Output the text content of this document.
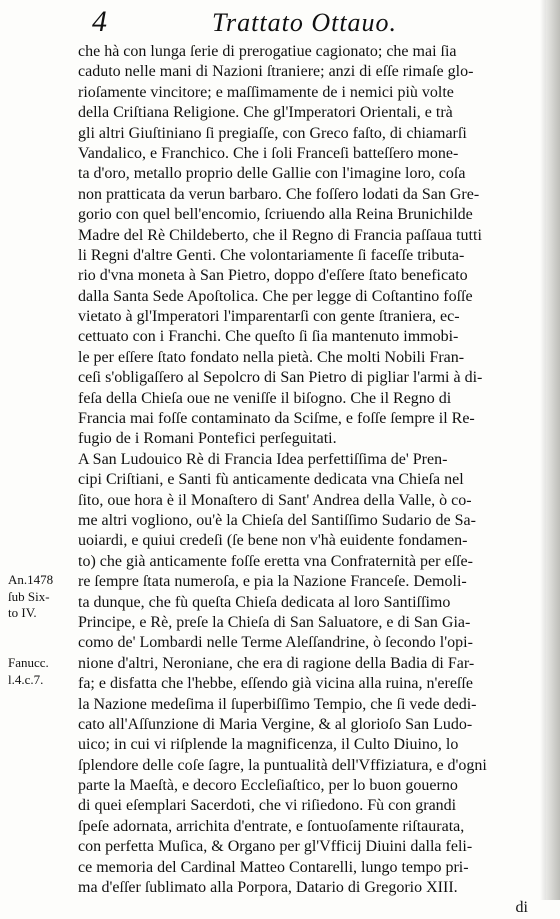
4	Trattato Ottauo.
che hà con lunga ſerie di prerogatiue cagionato; che mai ſia
caduto nelle mani di Nazioni ſtraniere; anzi di eſſe rimaſe glo-
rioſamente vincitore; e maſſimamente de i nemici più volte
della Criſtiana Religione. Che gl'Imperatori Orientali, e trà
gli altri Giuſtiniano ſi pregiaſſe, con Greco faſto, di chiamarſi
Vandalico, e Franchico. Che i ſoli Franceſi batteſſero mone-
ta d'oro, metallo proprio delle Gallie con l'imagine loro, coſa
non pratticata da verun barbaro. Che foſſero lodati da San Gre-
gorio con quel bell'encomio, ſcriuendo alla Reina Brunichilde
Madre del Rè Childeberto, che il Regno di Francia paſſaua tutti
li Regni d'altre Genti. Che volontariamente ſi faceſſe tributa-
rio d'vna moneta à San Pietro, doppo d'eſſere ſtato beneficato
dalla Santa Sede Apoſtolica. Che per legge di Coſtantino foſſe
vietato à gl'Imperatori l'imparentarſi con gente ſtraniera, ec-
cettuato con i Franchi. Che queſto ſi ſia mantenuto immobi-
le per eſſere ſtato fondato nella pietà. Che molti Nobili Fran-
ceſi s'obligaſſero al Sepolcro di San Pietro di pigliar l'armi à di-
feſa della Chieſa oue ne veniſſe il biſogno. Che il Regno di
Francia mai foſſe contaminato da Sciſme, e foſſe ſempre il Re-
fugio de i Romani Pontefici perſeguitati.
A San Ludouico Rè di Francia Idea perfettiſſima de' Pren-
cipi Criſtiani, e Santi fù anticamente dedicata vna Chieſa nel
ſito, oue hora è il Monaſtero di Sant' Andrea della Valle, ò co-
me altri vogliono, ou'è la Chieſa del Santiſſimo Sudario de Sa-
uoiardi, e quiui credeſi (ſe bene non v'hà euidente fondamen-
to) che già anticamente foſſe eretta vna Confraternità per eſſe-
re ſempre ſtata numeroſa, e pia la Nazione Franceſe. Demoli-
ta dunque, che fù queſta Chieſa dedicata al loro Santiſſimo
Principe, e Rè, preſe la Chieſa di San Saluatore, e di San Gia-
como de' Lombardi nelle Terme Aleſſandrine, ò ſecondo l'opi-
nione d'altri, Neroniane, che era di ragione della Badia di Far-
fa; e disfatta che l'hebbe, eſſendo già vicina alla ruina, n'ereſſe
la Nazione medeſima il ſuperbiſſimo Tempio, che ſi vede dedi-
cato all'Aſſunzione di Maria Vergine, & al glorioſo San Ludo-
uico; in cui vi riſplende la magnificenza, il Culto Diuino, lo
ſplendore delle coſe ſagre, la puntualità dell'Vffiziatura, e d'ogni
parte la Maeſtà, e decoro Eccleſiaſtico, per lo buon gouerno
di quei eſemplari Sacerdoti, che vi riſiedono. Fù con grandi
ſpeſe adornata, arrichita d'entrate, e ſontuoſamente riſtaurata,
con perfetta Muſica, & Organo per gl'Vfficij Diuini dalla feli-
ce memoria del Cardinal Matteo Contarelli, lungo tempo pri-
ma d'eſſer ſublimato alla Porpora, Datario di Gregorio XIII.
di
An.1478
ſub Six-
to IV.
Fanucc.
l.4.c.7.
